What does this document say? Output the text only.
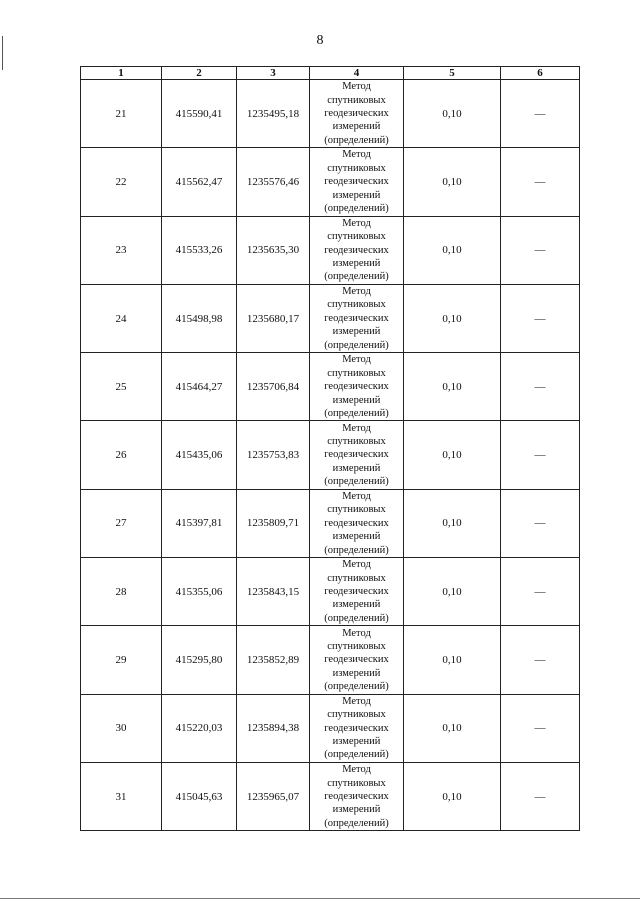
8
1	2	3	4	5	6
21	415590,41	1235495,18	Метод
спутниковых
геодезических
измерений
(определений)	0,10	—
22	415562,47	1235576,46	Метод
спутниковых
геодезических
измерений
(определений)	0,10	—
23	415533,26	1235635,30	Метод
спутниковых
геодезических
измерений
(определений)	0,10	—
24	415498,98	1235680,17	Метод
спутниковых
геодезических
измерений
(определений)	0,10	—
25	415464,27	1235706,84	Метод
спутниковых
геодезических
измерений
(определений)	0,10	—
26	415435,06	1235753,83	Метод
спутниковых
геодезических
измерений
(определений)	0,10	—
27	415397,81	1235809,71	Метод
спутниковых
геодезических
измерений
(определений)	0,10	—
28	415355,06	1235843,15	Метод
спутниковых
геодезических
измерений
(определений)	0,10	—
29	415295,80	1235852,89	Метод
спутниковых
геодезических
измерений
(определений)	0,10	—
30	415220,03	1235894,38	Метод
спутниковых
геодезических
измерений
(определений)	0,10	—
31	415045,63	1235965,07	Метод
спутниковых
геодезических
измерений
(определений)	0,10	—
